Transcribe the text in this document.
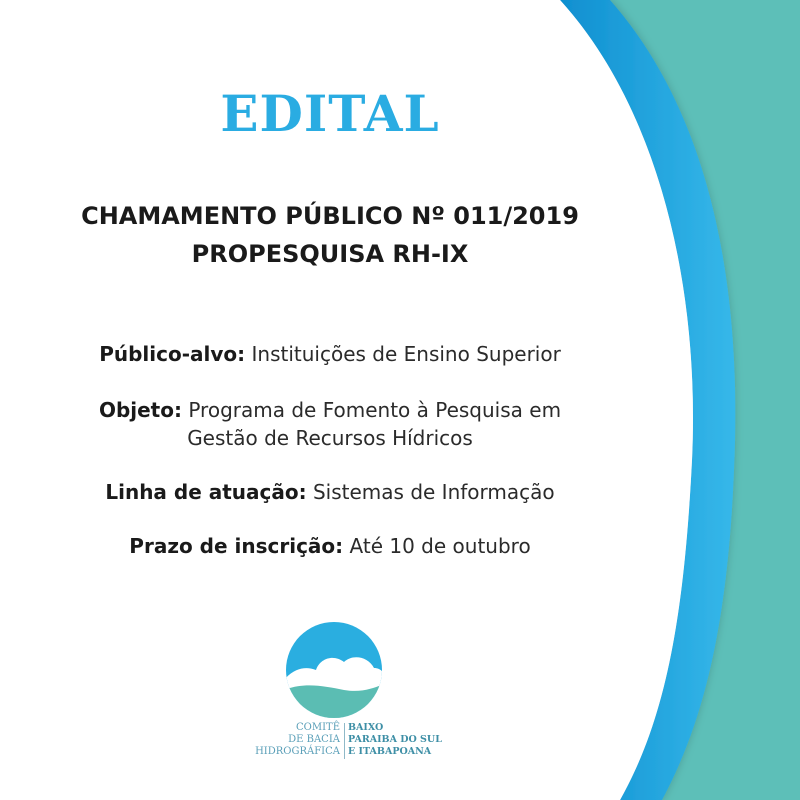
EDITAL

CHAMAMENTO PÚBLICO Nº 011/2019

PROPESQUISA RH-IX

Público-alvo: Instituições de Ensino Superior

Objeto: Programa de Fomento à Pesquisa em
Gestão de Recursos Hídricos

Linha de atuação: Sistemas de Informação

Prazo de inscrição: Até 10 de outubro

COMITÊ
DE BACIA
HIDROGRÁFICA
BAIXO
PARAIBA DO SUL
E ITABAPOANA
